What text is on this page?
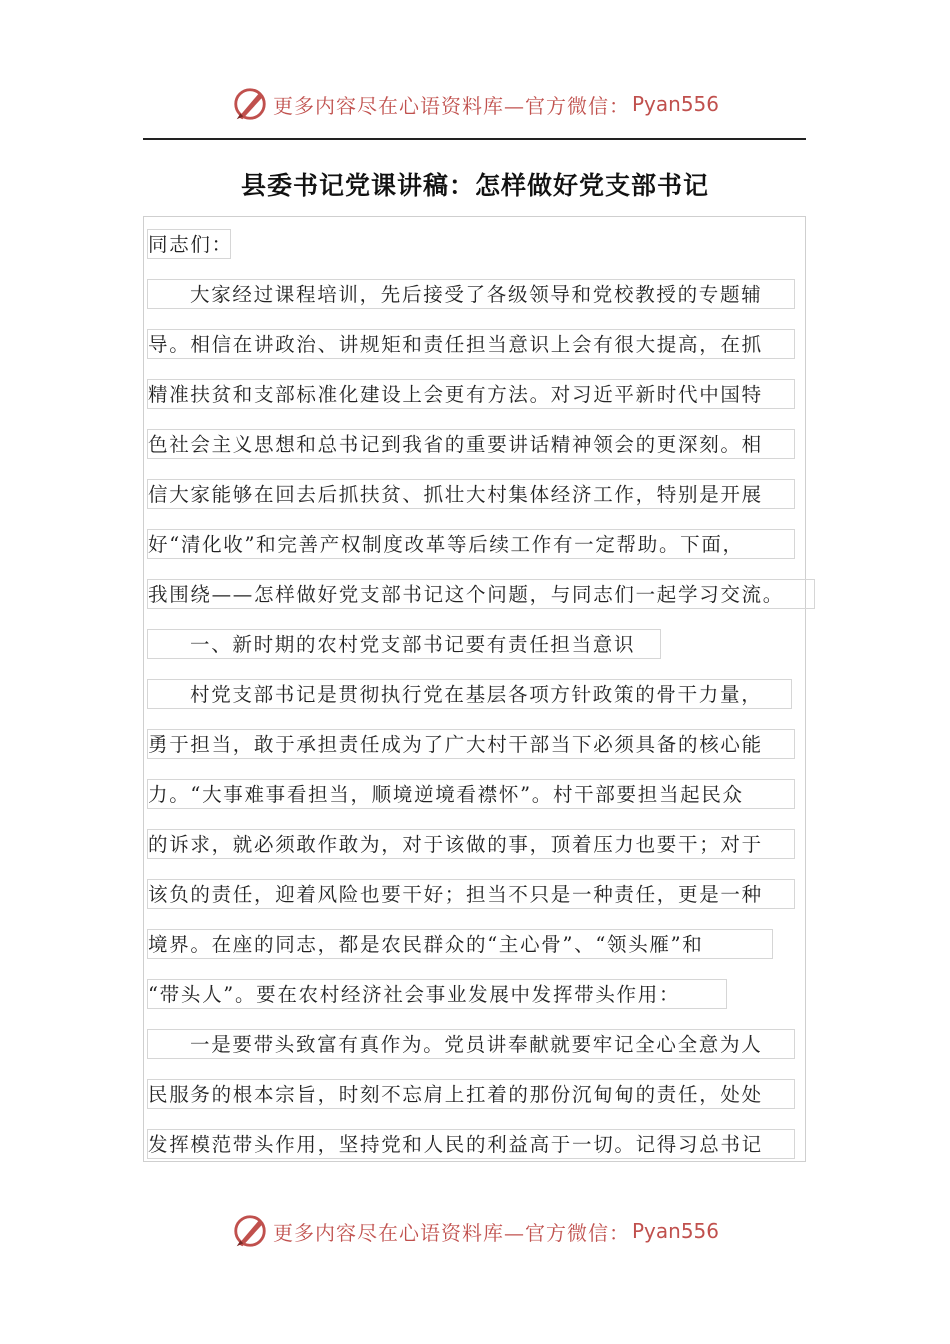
更多内容尽在心语资料库—官方微信： Pyan556
县委书记党课讲稿：怎样做好党支部书记
同志们：
大家经过课程培训，先后接受了各级领导和党校教授的专题辅
导。相信在讲政治、讲规矩和责任担当意识上会有很大提高，在抓
精准扶贫和支部标准化建设上会更有方法。对习近平新时代中国特
色社会主义思想和总书记到我省的重要讲话精神领会的更深刻。相
信大家能够在回去后抓扶贫、抓壮大村集体经济工作，特别是开展
好“清化收”和完善产权制度改革等后续工作有一定帮助。下面，
我围绕——怎样做好党支部书记这个问题，与同志们一起学习交流。
一、新时期的农村党支部书记要有责任担当意识
村党支部书记是贯彻执行党在基层各项方针政策的骨干力量，
勇于担当，敢于承担责任成为了广大村干部当下必须具备的核心能
力。“大事难事看担当，顺境逆境看襟怀”。村干部要担当起民众
的诉求，就必须敢作敢为，对于该做的事，顶着压力也要干；对于
该负的责任，迎着风险也要干好；担当不只是一种责任，更是一种
境界。在座的同志，都是农民群众的“主心骨”、“领头雁”和
“带头人”。要在农村经济社会事业发展中发挥带头作用：
一是要带头致富有真作为。党员讲奉献就要牢记全心全意为人
民服务的根本宗旨，时刻不忘肩上扛着的那份沉甸甸的责任，处处
发挥模范带头作用，坚持党和人民的利益高于一切。记得习总书记
更多内容尽在心语资料库—官方微信： Pyan556
